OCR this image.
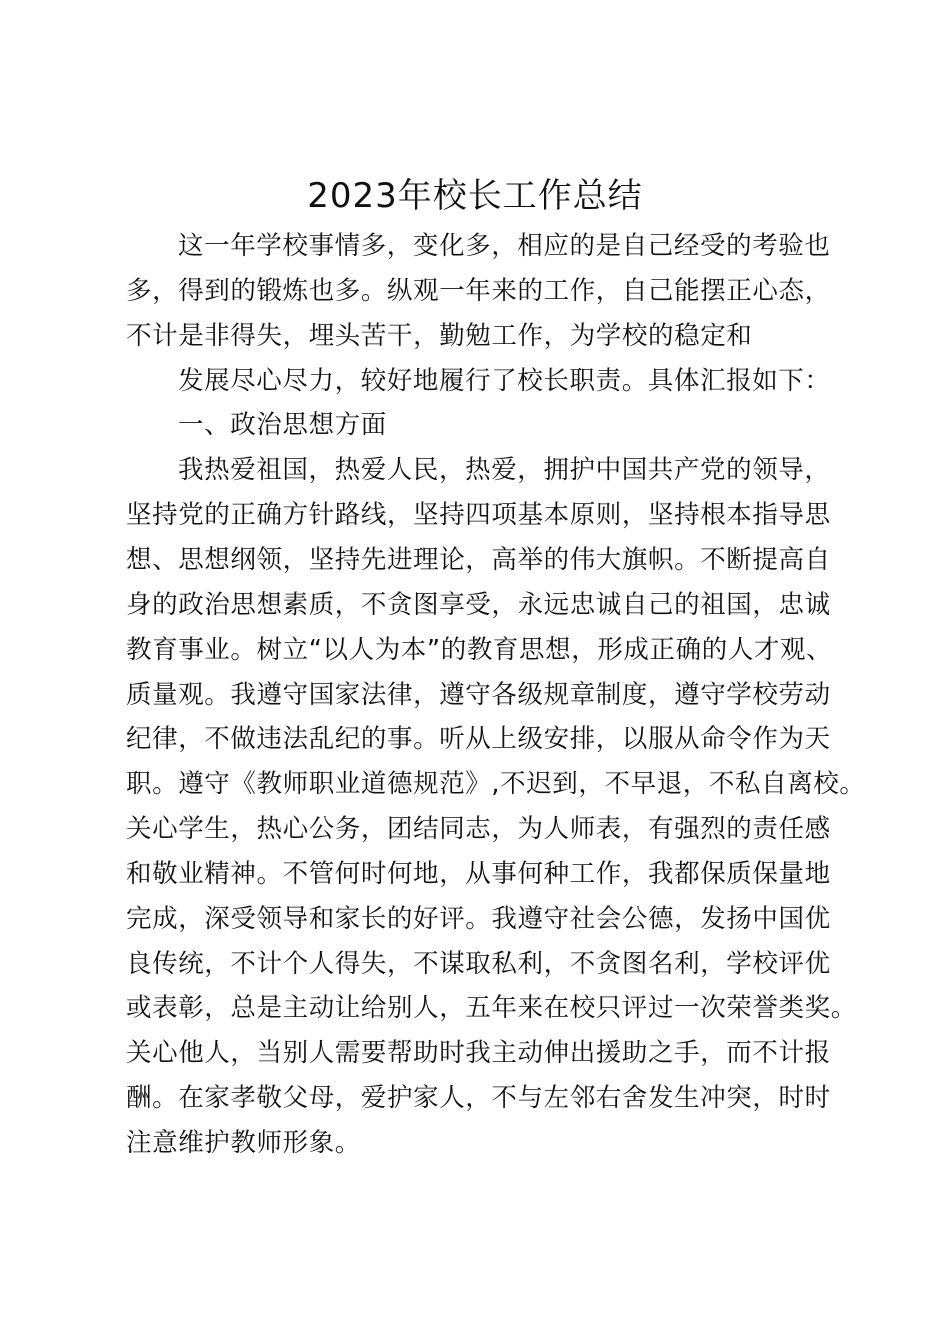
2023年校长工作总结

这一年学校事情多，变化多，相应的是自己经受的考验也

多，得到的锻炼也多。纵观一年来的工作，自己能摆正心态，

不计是非得失，埋头苦干，勤勉工作，为学校的稳定和

发展尽心尽力，较好地履行了校长职责。具体汇报如下：

一、政治思想方面

我热爱祖国，热爱人民，热爱，拥护中国共产党的领导，

坚持党的正确方针路线，坚持四项基本原则，坚持根本指导思

想、思想纲领，坚持先进理论，高举的伟大旗帜。不断提高自

身的政治思想素质，不贪图享受，永远忠诚自己的祖国，忠诚

教育事业。树立“以人为本”的教育思想，形成正确的人才观、

质量观。我遵守国家法律，遵守各级规章制度，遵守学校劳动

纪律，不做违法乱纪的事。听从上级安排，以服从命令作为天

职。遵守《教师职业道德规范》,不迟到，不早退，不私自离校。

关心学生，热心公务，团结同志，为人师表，有强烈的责任感

和敬业精神。不管何时何地，从事何种工作，我都保质保量地

完成，深受领导和家长的好评。我遵守社会公德，发扬中国优

良传统，不计个人得失，不谋取私利，不贪图名利，学校评优

或表彰，总是主动让给别人，五年来在校只评过一次荣誉类奖。

关心他人，当别人需要帮助时我主动伸出援助之手，而不计报

酬。在家孝敬父母，爱护家人，不与左邻右舍发生冲突，时时

注意维护教师形象。
